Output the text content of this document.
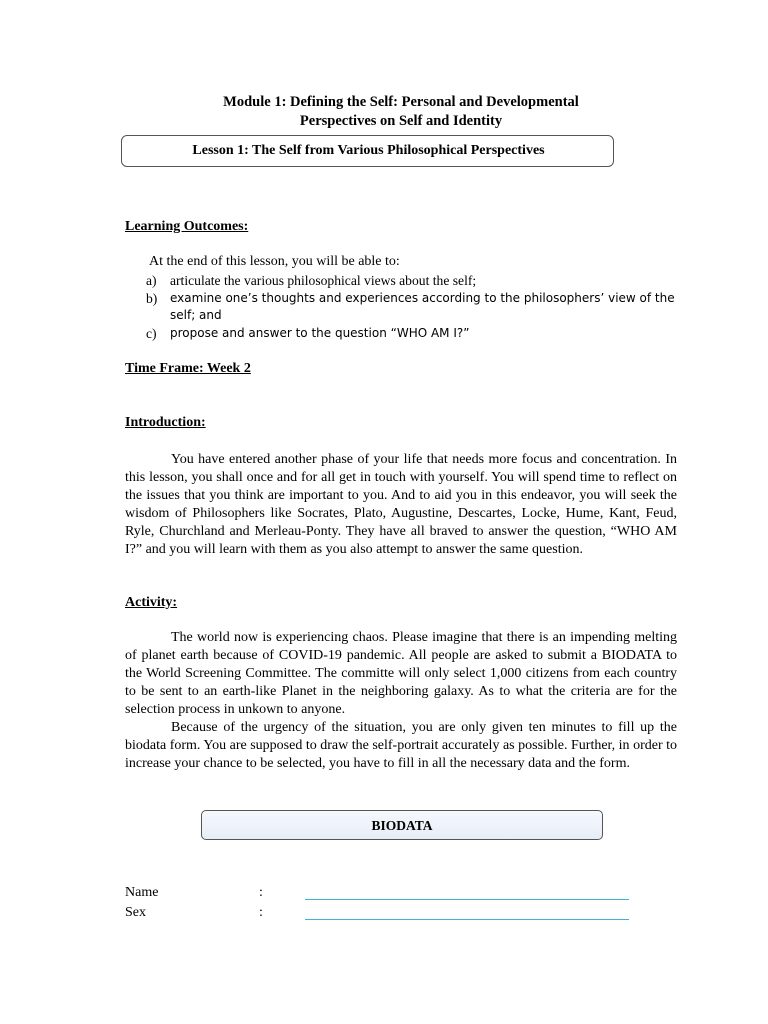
Module 1: Defining the Self: Personal and Developmental
Perspectives on Self and Identity
Lesson 1: The Self from Various Philosophical Perspectives
Learning Outcomes:
At the end of this lesson, you will be able to:
a) articulate the various philosophical views about the self;
b) examine one’s thoughts and experiences according to the philosophers’ view of the self; and
c) propose and answer to the question “WHO AM I?”
Time Frame: Week 2
Introduction:

You have entered another phase of your life that needs more focus and concentration. In this lesson, you shall once and for all get in touch with yourself. You will spend time to reflect on the issues that you think are important to you. And to aid you in this endeavor, you will seek the wisdom of Philosophers like Socrates, Plato, Augustine, Descartes, Locke, Hume, Kant, Feud, Ryle, Churchland and Merleau-Ponty. They have all braved to answer the question, “WHO AM I?” and you will learn with them as you also attempt to answer the same question.

Activity:

The world now is experiencing chaos. Please imagine that there is an impending melting of planet earth because of COVID-19 pandemic. All people are asked to submit a BIODATA to the World Screening Committee. The committe will only select 1,000 citizens from each country to be sent to an earth-like Planet in the neighboring galaxy. As to what the criteria are for the selection process in unkown to anyone.

Because of the urgency of the situation, you are only given ten minutes to fill up the biodata form. You are supposed to draw the self-portrait accurately as possible. Further, in order to increase your chance to be selected, you have to fill in all the necessary data and the form.

BIODATA
Name	:
Sex	:
